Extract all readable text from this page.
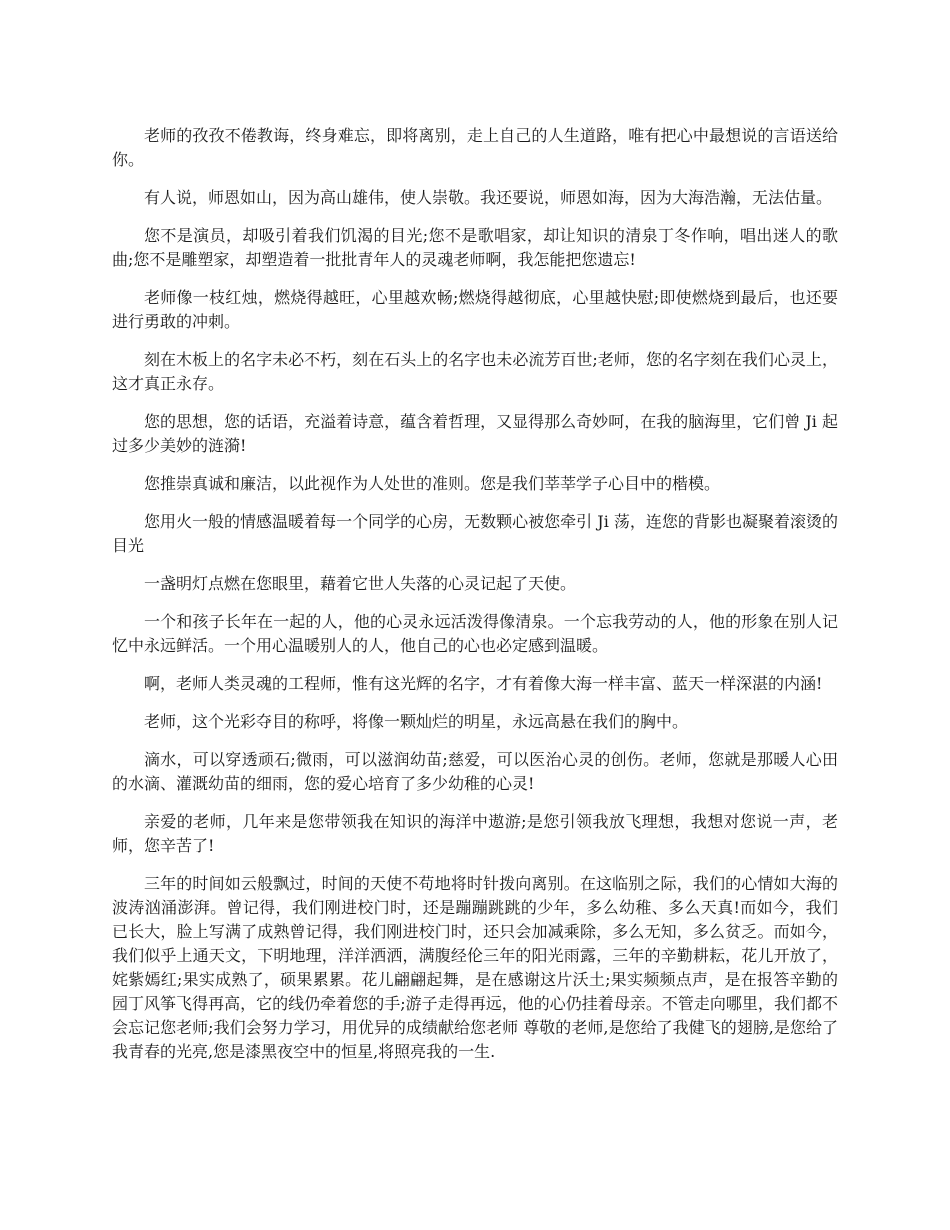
老师的孜孜不倦教诲，终身难忘，即将离别，走上自己的人生道路，唯有把心中最想说的言语送给你。

有人说，师恩如山，因为高山雄伟，使人崇敬。我还要说，师恩如海，因为大海浩瀚，无法估量。

您不是演员，却吸引着我们饥渴的目光;您不是歌唱家，却让知识的清泉丁冬作响，唱出迷人的歌曲;您不是雕塑家，却塑造着一批批青年人的灵魂老师啊，我怎能把您遗忘!

老师像一枝红烛，燃烧得越旺，心里越欢畅;燃烧得越彻底，心里越快慰;即使燃烧到最后，也还要进行勇敢的冲刺。

刻在木板上的名字未必不朽，刻在石头上的名字也未必流芳百世;老师，您的名字刻在我们心灵上，这才真正永存。

您的思想，您的话语，充溢着诗意，蕴含着哲理，又显得那么奇妙呵，在我的脑海里，它们曾 Ji 起过多少美妙的涟漪!

您推崇真诚和廉洁，以此视作为人处世的准则。您是我们莘莘学子心目中的楷模。

您用火一般的情感温暖着每一个同学的心房，无数颗心被您牵引 Ji 荡，连您的背影也凝聚着滚烫的目光

一盏明灯点燃在您眼里，藉着它世人失落的心灵记起了天使。

一个和孩子长年在一起的人，他的心灵永远活泼得像清泉。一个忘我劳动的人，他的形象在别人记忆中永远鲜活。一个用心温暖别人的人，他自己的心也必定感到温暖。

啊，老师人类灵魂的工程师，惟有这光辉的名字，才有着像大海一样丰富、蓝天一样深湛的内涵!

老师，这个光彩夺目的称呼，将像一颗灿烂的明星，永远高悬在我们的胸中。

滴水，可以穿透顽石;微雨，可以滋润幼苗;慈爱，可以医治心灵的创伤。老师，您就是那暖人心田的水滴、灌溉幼苗的细雨，您的爱心培育了多少幼稚的心灵!

亲爱的老师，几年来是您带领我在知识的海洋中遨游;是您引领我放飞理想，我想对您说一声，老师，您辛苦了!

三年的时间如云般飘过，时间的天使不苟地将时针拨向离别。在这临别之际，我们的心情如大海的波涛汹涌澎湃。曾记得，我们刚进校门时，还是蹦蹦跳跳的少年，多么幼稚、多么天真!而如今，我们已长大，脸上写满了成熟曾记得，我们刚进校门时，还只会加减乘除，多么无知，多么贫乏。而如今，我们似乎上通天文，下明地理，洋洋洒洒，满腹经伦三年的阳光雨露，三年的辛勤耕耘，花儿开放了，姹紫嫣红;果实成熟了，硕果累累。花儿翩翩起舞，是在感谢这片沃土;果实频频点声，是在报答辛勤的园丁风筝飞得再高，它的线仍牵着您的手;游子走得再远，他的心仍挂着母亲。不管走向哪里，我们都不会忘记您老师;我们会努力学习，用优异的成绩献给您老师 尊敬的老师,是您给了我健飞的翅膀,是您给了我青春的光亮,您是漆黑夜空中的恒星,将照亮我的一生.
